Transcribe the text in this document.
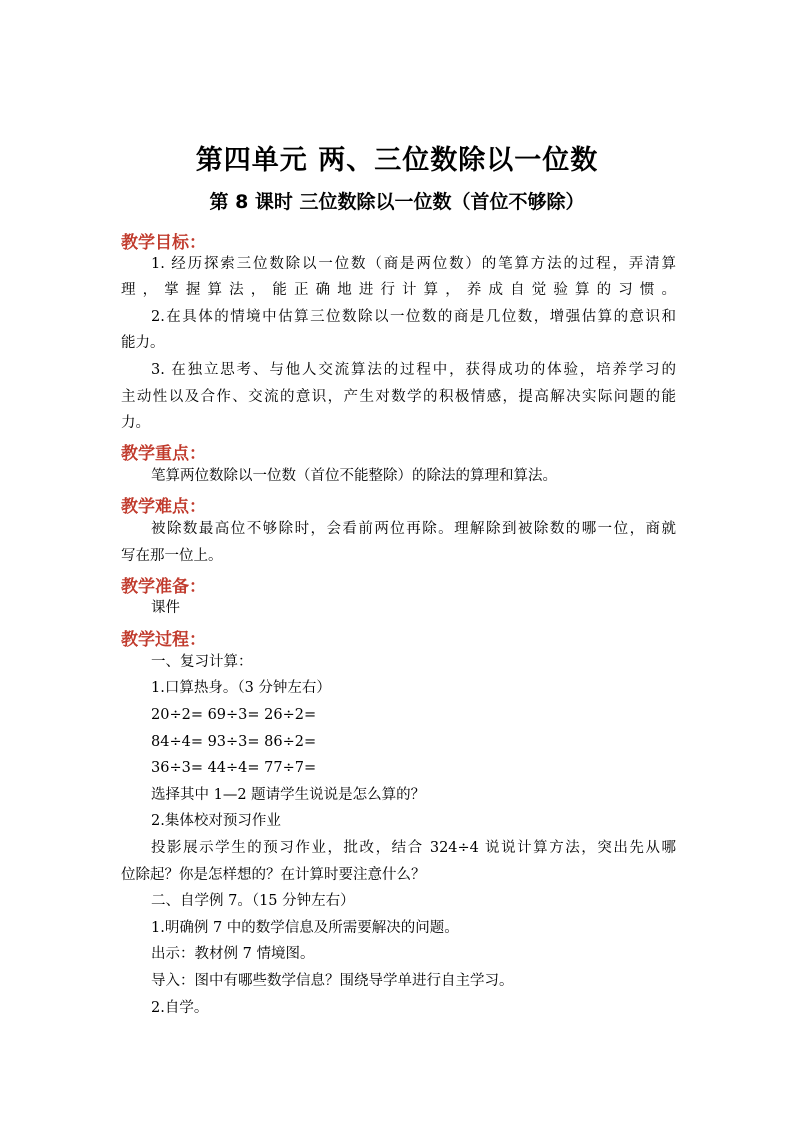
第四单元 两、三位数除以一位数
第 8 课时 三位数除以一位数（首位不够除）
教学目标：
1. 经历探索三位数除以一位数（商是两位数）的笔算方法的过程，弄清算
理，掌握算法，能正确地进行计算，养成自觉验算的习惯。
2.在具体的情境中估算三位数除以一位数的商是几位数，增强估算的意识和
能力。
3. 在独立思考、与他人交流算法的过程中，获得成功的体验，培养学习的
主动性以及合作、交流的意识，产生对数学的积极情感，提高解决实际问题的能
力。
教学重点：
笔算两位数除以一位数（首位不能整除）的除法的算理和算法。
教学难点：
被除数最高位不够除时，会看前两位再除。理解除到被除数的哪一位，商就
写在那一位上。
教学准备：
课件
教学过程：
一、复习计算：
1.口算热身。（3 分钟左右）
20÷2= 69÷3= 26÷2=
84÷4= 93÷3= 86÷2=
36÷3= 44÷4= 77÷7=
选择其中 1—2 题请学生说说是怎么算的？
2.集体校对预习作业
投影展示学生的预习作业，批改，结合 324÷4 说说计算方法，突出先从哪
位除起？你是怎样想的？在计算时要注意什么？
二、自学例 7。（15 分钟左右）
1.明确例 7 中的数学信息及所需要解决的问题。
出示：教材例 7 情境图。
导入：图中有哪些数学信息？围绕导学单进行自主学习。
2.自学。
